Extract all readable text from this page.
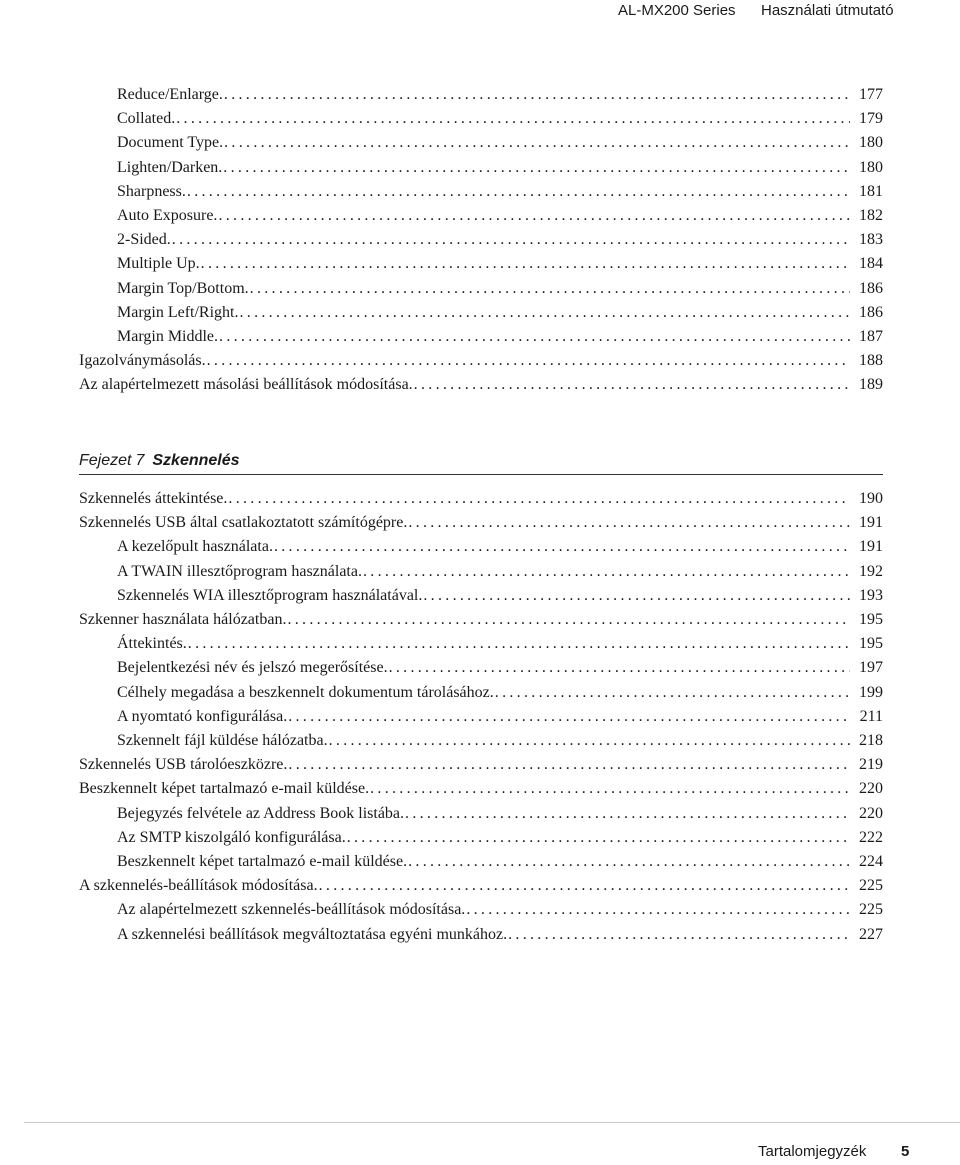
AL-MX200 Series Használati útmutató
Reduce/Enlarge. .....	177
Collated. .....	179
Document Type. .....	180
Lighten/Darken. .....	180
Sharpness. .....	181
Auto Exposure. .....	182
2-Sided. .....	183
Multiple Up. .....	184
Margin Top/Bottom. .....	186
Margin Left/Right. .....	186
Margin Middle. .....	187
Igazolványmásolás. .....	188
Az alapértelmezett másolási beállítások módosítása. .....	189
Fejezet 7 Szkennelés
Szkennelés áttekintése. .....	190
Szkennelés USB által csatlakoztatott számítógépre. .....	191
A kezelőpult használata. .....	191
A TWAIN illesztőprogram használata. .....	192
Szkennelés WIA illesztőprogram használatával. .....	193
Szkenner használata hálózatban. .....	195
Áttekintés. .....	195
Bejelentkezési név és jelszó megerősítése. .....	197
Célhely megadása a beszkennelt dokumentum tárolásához. .....	199
A nyomtató konfigurálása. .....	211
Szkennelt fájl küldése hálózatba. .....	218
Szkennelés USB tárolóeszközre. .....	219
Beszkennelt képet tartalmazó e-mail küldése. .....	220
Bejegyzés felvétele az Address Book listába. .....	220
Az SMTP kiszolgáló konfigurálása. .....	222
Beszkennelt képet tartalmazó e-mail küldése. .....	224
A szkennelés-beállítások módosítása. .....	225
Az alapértelmezett szkennelés-beállítások módosítása. .....	225
A szkennelési beállítások megváltoztatása egyéni munkához. .....	227
Tartalomjegyzék 5
